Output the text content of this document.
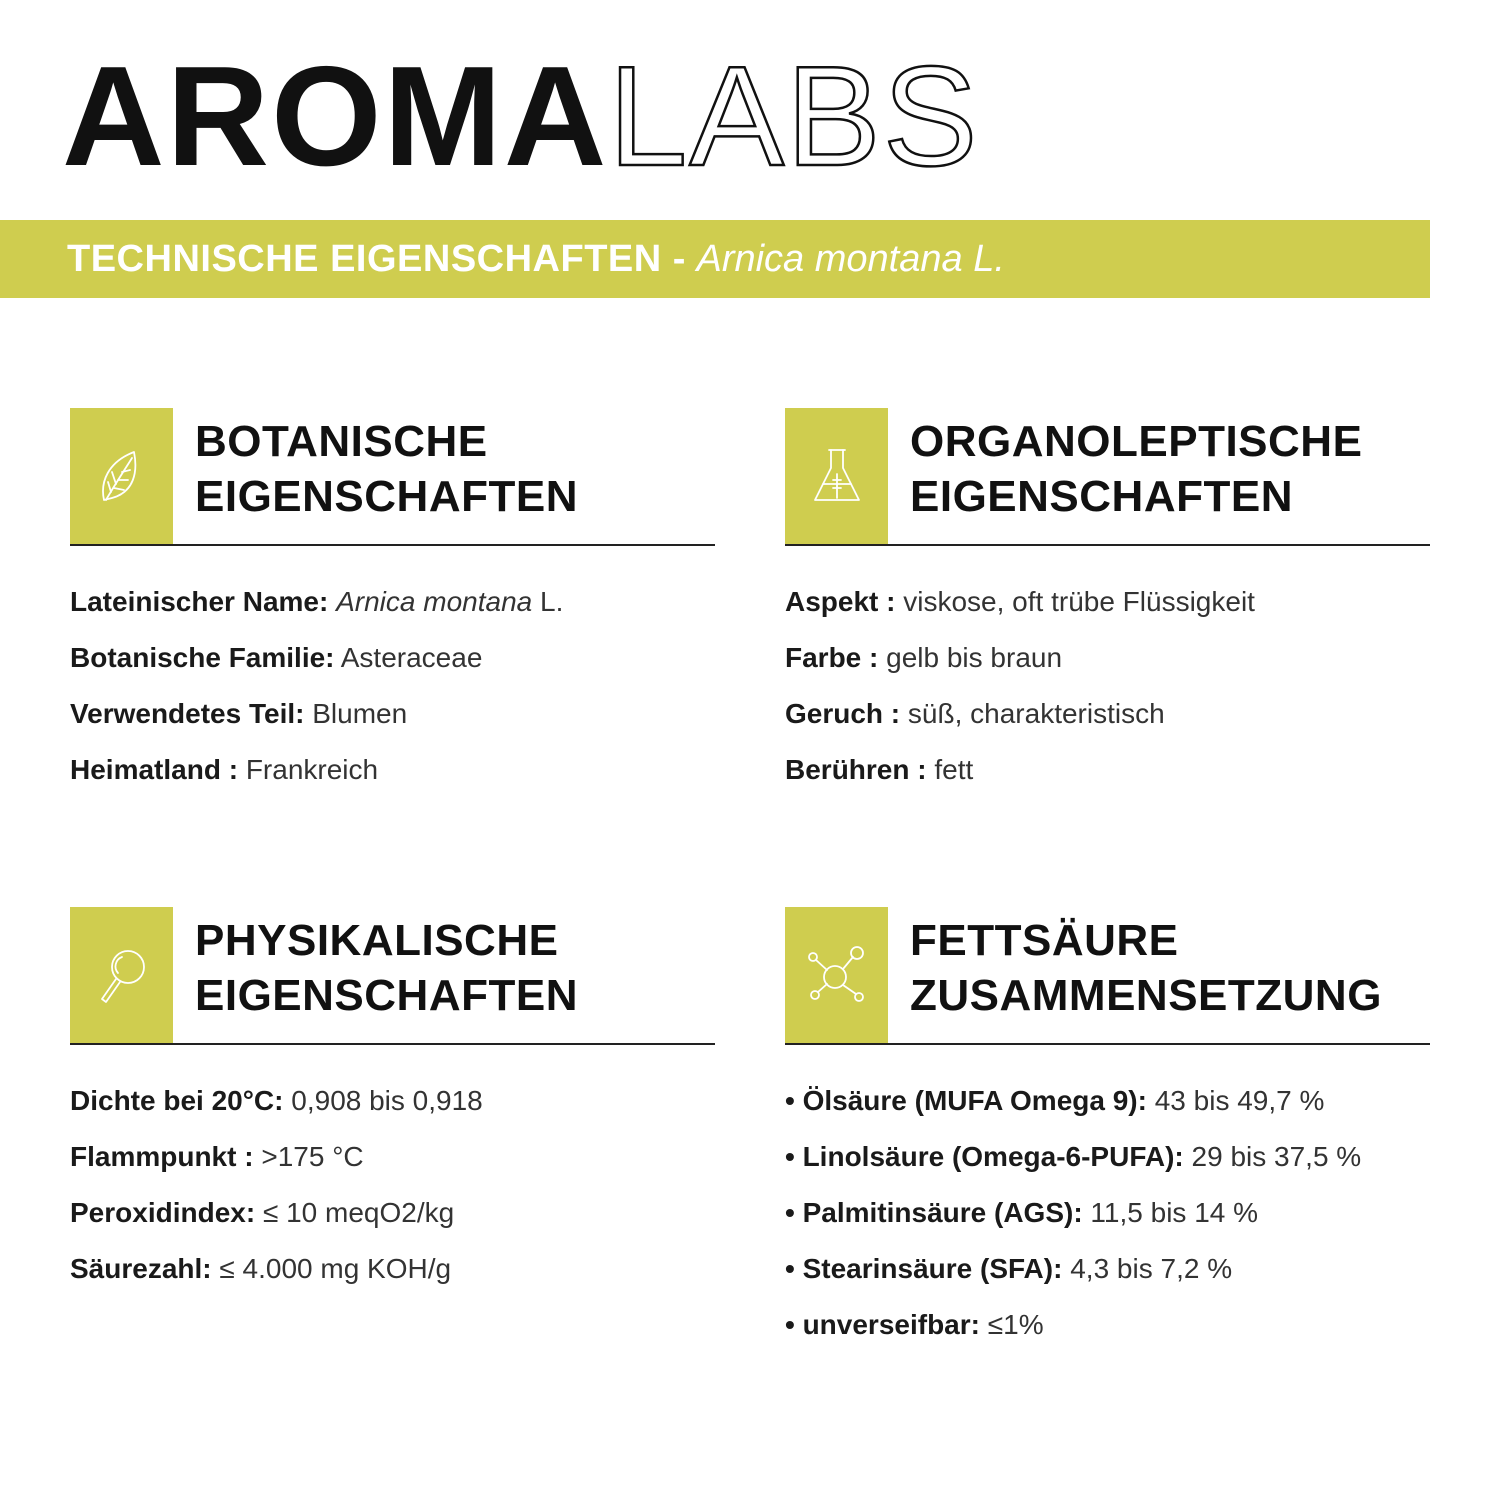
AROMA LABS
TECHNISCHE EIGENSCHAFTEN - Arnica montana L.
BOTANISCHE
EIGENSCHAFTEN
Lateinischer Name: Arnica montana L.
Botanische Familie: Asteraceae
Verwendetes Teil: Blumen
Heimatland : Frankreich
ORGANOLEPTISCHE
EIGENSCHAFTEN
Aspekt : viskose, oft trübe Flüssigkeit
Farbe : gelb bis braun
Geruch : süß, charakteristisch
Berühren : fett
PHYSIKALISCHE
EIGENSCHAFTEN
Dichte bei 20°C: 0,908 bis 0,918
Flammpunkt : >175 °C
Peroxidindex: ≤ 10 meqO2/kg
Säurezahl: ≤ 4.000 mg KOH/g
FETTSÄURE
ZUSAMMENSETZUNG
• Ölsäure (MUFA Omega 9): 43 bis 49,7 %
• Linolsäure (Omega-6-PUFA): 29 bis 37,5 %
• Palmitinsäure (AGS): 11,5 bis 14 %
• Stearinsäure (SFA): 4,3 bis 7,2 %
• unverseifbar: ≤1%
